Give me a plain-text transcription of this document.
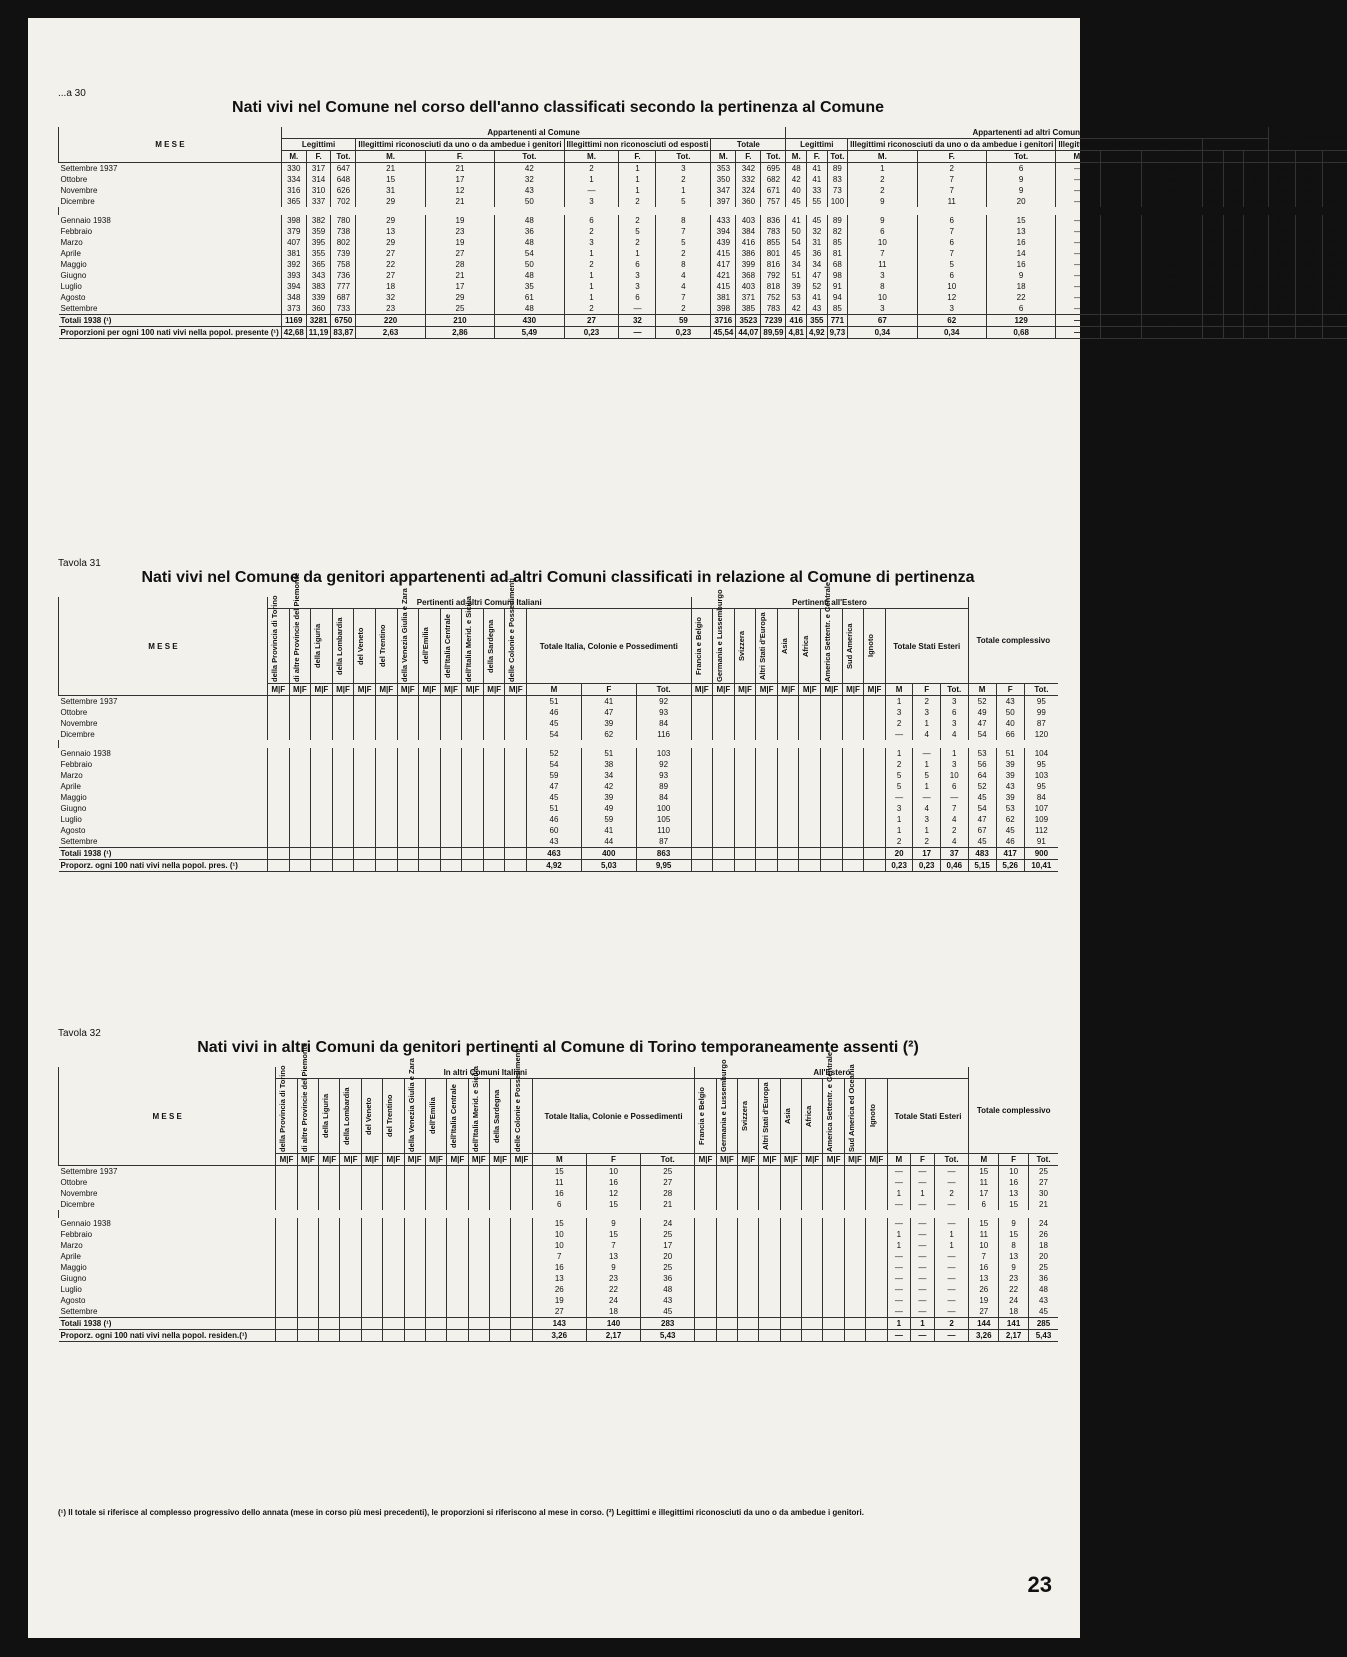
...a 30
Nati vivi nel Comune nel corso dell'anno classificati secondo la pertinenza al Comune
M E S E	Appartenenti al Comune												Appartenenti ad altri Comuni												Totale complessivo		
	Legittimi			Illegittimi riconosciuti da uno o da ambedue i genitori			Illegittimi non riconosciuti od esposti			Totale			Legittimi			Illegittimi riconosciuti da uno o da ambedue i genitori			Illegittimi non riconosciuti od esposti			Totale					
	M.	F.	Tot.	M.	F.	Tot.	M.	F.	Tot.	M.	F.	Tot.	M.	F.	Tot.	M.	F.	Tot.	M.	F.	Tot.	M.	F.	Tot.	M.	F.	Tot.
Settembre 1937	330	317	647	21	21	42	2	1	3	353	342	695	48	41	89	1	2	6	—	—	—	52	43	95	405	385	790
Ottobre	334	314	648	15	17	32	1	1	2	350	332	682	42	41	83	2	7	9	—	—	—	49	50	99	399	382	781
Novembre	316	310	626	31	12	43	—	1	1	347	324	671	40	33	73	2	7	9	—	—	—	47	40	87	394	363	757
Dicembre	365	337	702	29	21	50	3	2	5	397	360	757	45	55	100	9	11	20	—	—	—	54	66	120	451	426	877

Gennaio 1938	398	382	780	29	19	48	6	2	8	433	403	836	41	45	89	9	6	15	—	—	—	53	51	104	486	454	940
Febbraio	379	359	738	13	23	36	2	5	7	394	384	783	50	32	82	6	7	13	—	—	—	56	39	95	450	428	878
Marzo	407	395	802	29	19	48	3	2	5	439	416	855	54	31	85	10	6	16	—	—	—	64	39	103	503	455	958
Aprile	381	355	739	27	27	54	1	1	2	415	386	801	45	36	81	7	7	14	—	—	—	52	43	95	467	429	896
Maggio	392	365	758	22	28	50	2	6	8	417	399	816	34	34	68	11	5	16	—	—	—	45	39	84	462	438	900
Giugno	393	343	736	27	21	48	1	3	4	421	368	792	51	47	98	3	6	9	—	—	—	54	53	107	478	421	899
Luglio	394	383	777	18	17	35	1	3	4	415	403	818	39	52	91	8	10	18	—	—	—	47	62	109	462	465	927
Agosto	348	339	687	32	29	61	1	6	7	381	371	752	53	41	94	10	12	22	—	—	—	63	43	112	448	419	867
Settembre	373	360	733	23	25	48	2	—	2	398	385	783	42	43	85	3	3	6	—	—	—	45	46	91	443	431	874
Totali 1938 (¹)	1169	3281	6750	220	210	430	27	32	59	3716	3523	7239	416	355	771	67	62	129	—	—	—	483	417	900	4199	3940	8139
Proporzioni per ogni 100 nati vivi nella popol. presente (¹)	42,68	11,19	83,87	2,63	2,86	5,49	0,23	—	0,23	45,54	44,07	89,59	4,81	4,92	9,73	0,34	0,34	0,68	—	—	—	5,15	5,26	10,41	50,69	49,31	100
Tavola 31
Nati vivi nel Comune da genitori appartenenti ad altri Comuni classificati in relazione al Comune di pertinenza
M E S E	Pertinenti ad altri Comuni Italiani															Pertinenti all'Estero												Totale complessivo		

	della Provincia di Torino	di altre Provincie del Piemonte	della Liguria	della Lombardia	del Veneto	del Trentino	della Venezia Giulia e Zara	dell'Emilia	dell'Italia Centrale	dell'Italia Merid. e Sicilia	della Sardegna	delle Colonie e Possedimenti	Totale Italia, Colonie e Possedimenti			Francia e Belgio	Germania e Lussemburgo	Svizzera	Altri Stati d'Europa	Asia	Africa	America Settentr. e Centrale	Sud America	Ignoto	Totale Stati Esteri					
	M|F	M|F	M|F	M|F	M|F	M|F	M|F	M|F	M|F	M|F	M|F	M|F	M	F	Tot.	M|F	M|F	M|F	M|F	M|F	M|F	M|F	M|F	M|F	M	F	Tot.	M	F	Tot.
Settembre 1937													51	41	92										1	2	3	52	43	95
Ottobre													46	47	93										3	3	6	49	50	99
Novembre													45	39	84										2	1	3	47	40	87
Dicembre													54	62	116										—	4	4	54	66	120

Gennaio 1938													52	51	103										1	—	1	53	51	104
Febbraio													54	38	92										2	1	3	56	39	95
Marzo													59	34	93										5	5	10	64	39	103
Aprile													47	42	89										5	1	6	52	43	95
Maggio													45	39	84										—	—	—	45	39	84
Giugno													51	49	100										3	4	7	54	53	107
Luglio													46	59	105										1	3	4	47	62	109
Agosto													60	41	110										1	1	2	67	45	112
Settembre													43	44	87										2	2	4	45	46	91
Totali 1938 (¹)													463	400	863										20	17	37	483	417	900
Proporz. ogni 100 nati vivi nella popol. pres. (¹)													4,92	5,03	9,95										0,23	0,23	0,46	5,15	5,26	10,41
Tavola 32
Nati vivi in altri Comuni da genitori pertinenti al Comune di Torino temporaneamente assenti (²)
M E S E	In altri Comuni Italiani															All'Estero												Totale complessivo		

	della Provincia di Torino	di altre Provincie del Piemonte	della Liguria	della Lombardia	del Veneto	del Trentino	della Venezia Giulia e Zara	dell'Emilia	dell'Italia Centrale	dell'Italia Merid. e Sicilia	della Sardegna	delle Colonie e Possedimenti	Totale Italia, Colonie e Possedimenti			Francia e Belgio	Germania e Lussemburgo	Svizzera	Altri Stati d'Europa	Asia	Africa	America Settentr. e Centrale	Sud America ed Oceania	Ignoto	Totale Stati Esteri					
	M|F	M|F	M|F	M|F	M|F	M|F	M|F	M|F	M|F	M|F	M|F	M|F	M	F	Tot.	M|F	M|F	M|F	M|F	M|F	M|F	M|F	M|F	M|F	M	F	Tot.	M	F	Tot.
Settembre 1937													15	10	25										—	—	—	15	10	25
Ottobre													11	16	27										—	—	—	11	16	27
Novembre													16	12	28										1	1	2	17	13	30
Dicembre													6	15	21										—	—	—	6	15	21

Gennaio 1938													15	9	24										—	—	—	15	9	24
Febbraio													10	15	25										1	—	1	11	15	26
Marzo													10	7	17										1	—	1	10	8	18
Aprile													7	13	20										—	—	—	7	13	20
Maggio													16	9	25										—	—	—	16	9	25
Giugno													13	23	36										—	—	—	13	23	36
Luglio													26	22	48										—	—	—	26	22	48
Agosto													19	24	43										—	—	—	19	24	43
Settembre													27	18	45										—	—	—	27	18	45
Totali 1938 (¹)													143	140	283										1	1	2	144	141	285
Proporz. ogni 100 nati vivi nella popol. residen.(¹)													3,26	2,17	5,43										—	—	—	3,26	2,17	5,43
(¹) Il totale si riferisce al complesso progressivo dello annata (mese in corso più mesi precedenti), le proporzioni si riferiscono al mese in corso. (²) Legittimi e illegittimi riconosciuti da uno o da ambedue i genitori.
23
